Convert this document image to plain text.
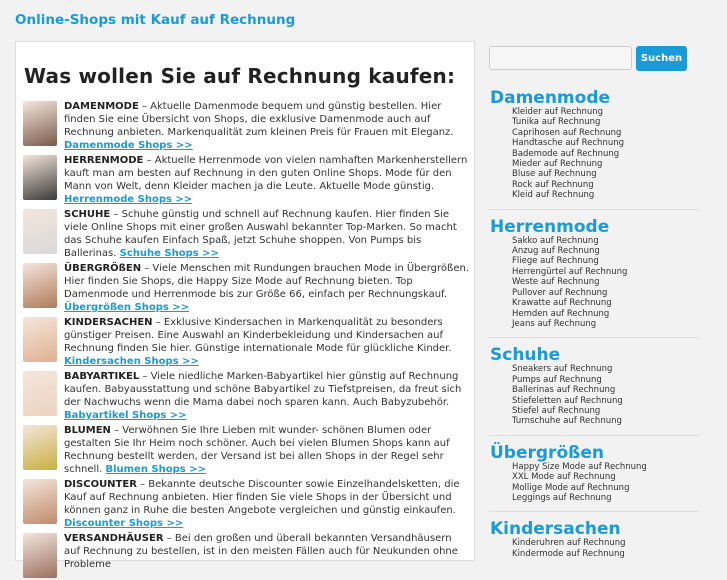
Online-Shops mit Kauf auf Rechnung
Was wollen Sie auf Rechnung kaufen:
DAMENMODE – Aktuelle Damenmode bequem und günstig bestellen. Hier finden Sie eine Übersicht von Shops, die exklusive Damenmode auch auf Rechnung anbieten. Markenqualität zum kleinen Preis für Frauen mit Eleganz. Damenmode Shops >>
HERRENMODE – Aktuelle Herrenmode von vielen namhaften Markenherstellern kauft man am besten auf Rechnung in den guten Online Shops. Mode für den Mann von Welt, denn Kleider machen ja die Leute. Aktuelle Mode günstig. Herrenmode Shops >>
SCHUHE – Schuhe günstig und schnell auf Rechnung kaufen. Hier finden Sie viele Online Shops mit einer großen Auswahl bekannter Top-Marken. So macht das Schuhe kaufen Einfach Spaß, jetzt Schuhe shoppen. Von Pumps bis Ballerinas. Schuhe Shops >>
ÜBERGRÖßEN – Viele Menschen mit Rundungen brauchen Mode in Übergrößen. Hier finden Sie Shops, die Happy Size Mode auf Rechnung bieten. Top Damenmode und Herrenmode bis zur Größe 66, einfach per Rechnungskauf. Übergrößen Shops >>
KINDERSACHEN – Exklusive Kindersachen in Markenqualität zu besonders günstiger Preisen. Eine Auswahl an Kinderbekleidung und Kindersachen auf Rechnung finden Sie hier. Günstige internationale Mode für glückliche Kinder. Kindersachen Shops >>
BABYARTIKEL – Viele niedliche Marken-Babyartikel hier günstig auf Rechnung kaufen. Babyausstattung und schöne Babyartikel zu Tiefstpreisen, da freut sich der Nachwuchs wenn die Mama dabei noch sparen kann. Auch Babyzubehör. Babyartikel Shops >>
BLUMEN – Verwöhnen Sie Ihre Lieben mit wunder- schönen Blumen oder gestalten Sie Ihr Heim noch schöner. Auch bei vielen Blumen Shops kann auf Rechnung bestellt werden, der Versand ist bei allen Shops in der Regel sehr schnell. Blumen Shops >>
DISCOUNTER – Bekannte deutsche Discounter sowie Einzelhandelsketten, die Kauf auf Rechnung anbieten. Hier finden Sie viele Shops in der Übersicht und können ganz in Ruhe die besten Angebote vergleichen und günstig einkaufen. Discounter Shops >>
VERSANDHÄUSER – Bei den großen und überall bekannten Versandhäusern auf Rechnung zu bestellen, ist in den meisten Fällen auch für Neukunden ohne Probleme
Suchen
Damenmode
Kleider auf Rechnung
Tunika auf Rechnung
Caprihosen auf Rechnung
Handtasche auf Rechnung
Bademode auf Rechnung
Mieder auf Rechnung
Bluse auf Rechnung
Rock auf Rechnung
Kleid auf Rechnung
Herrenmode
Sakko auf Rechnung
Anzug auf Rechnung
Fliege auf Rechnung
Herrengürtel auf Rechnung
Weste auf Rechnung
Pullover auf Rechnung
Krawatte auf Rechnung
Hemden auf Rechnung
Jeans auf Rechnung
Schuhe
Sneakers auf Rechnung
Pumps auf Rechnung
Ballerinas auf Rechnung
Stiefeletten auf Rechnung
Stiefel auf Rechnung
Turnschuhe auf Rechnung
Übergrößen
Happy Size Mode auf Rechnung
XXL Mode auf Rechnung
Mollige Mode auf Rechnung
Leggings auf Rechnung
Kindersachen
Kinderuhren auf Rechnung
Kindermode auf Rechnung
